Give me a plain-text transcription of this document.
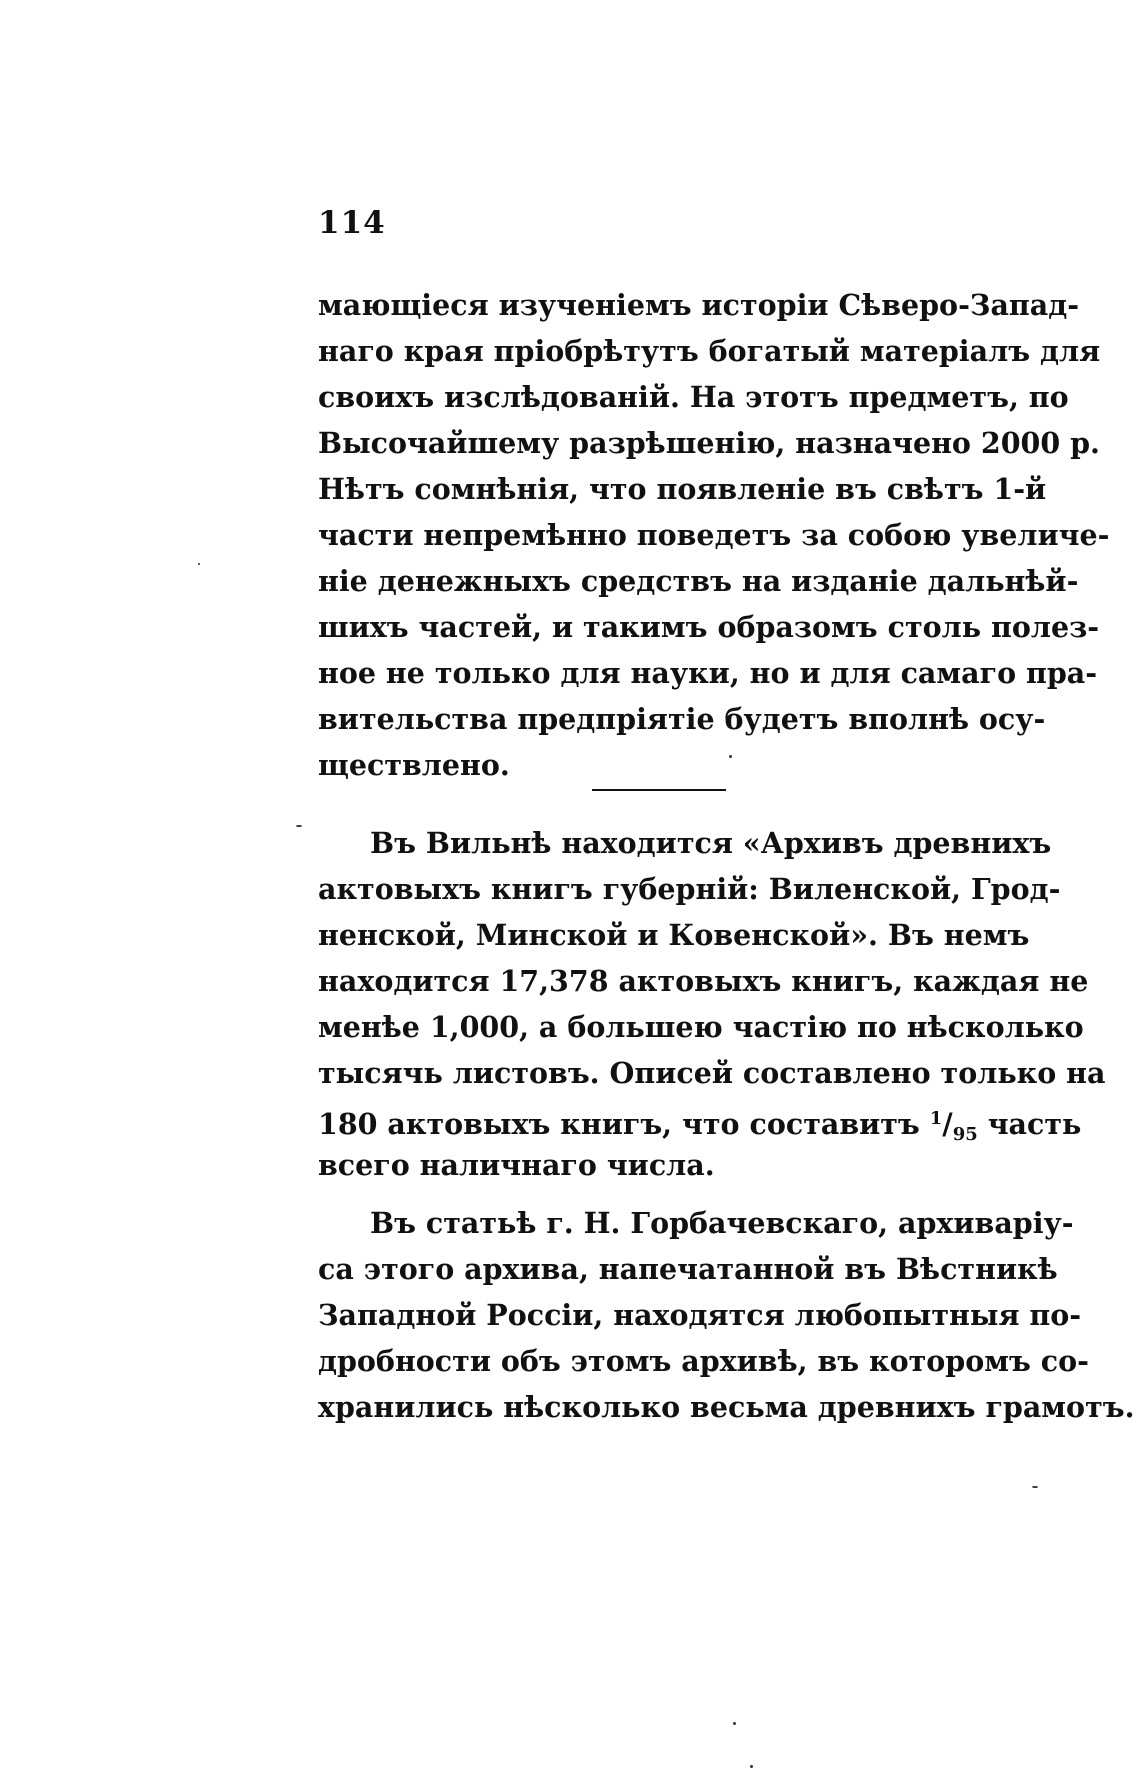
114
мающіеся изученіемъ исторіи Сѣверо-Запад-
наго края пріобрѣтутъ богатый матеріалъ для
своихъ изслѣдованій. На этотъ предметъ, по
Высочайшему разрѣшенію, назначено 2000 р.
Нѣтъ сомнѣнія, что появленіе въ свѣтъ 1-й
части непремѣнно поведетъ за собою увеличе-
ніе денежныхъ средствъ на изданіе дальнѣй-
шихъ частей, и такимъ образомъ столь полез-
ное не только для науки, но и для самаго пра-
вительства предпріятіе будетъ вполнѣ осу-
ществлено.
Въ Вильнѣ находится «Архивъ древнихъ
актовыхъ книгъ губерній: Виленской, Грод-
ненской, Минской и Ковенской». Въ немъ
находится 17,378 актовыхъ книгъ, каждая не
менѣе 1,000, а большею частію по нѣсколько
тысячь листовъ. Описей составлено только на
180 актовыхъ книгъ, что составитъ $^1/_{95}$ часть
всего наличнаго числа.
Въ статьѣ г. Н. Горбачевскаго, архиваріу-
са этого архива, напечатанной въ Вѣстникѣ
Западной Россіи, находятся любопытныя по-
дробности объ этомъ архивѣ, въ которомъ со-
хранились нѣсколько весьма древнихъ грамотъ.
